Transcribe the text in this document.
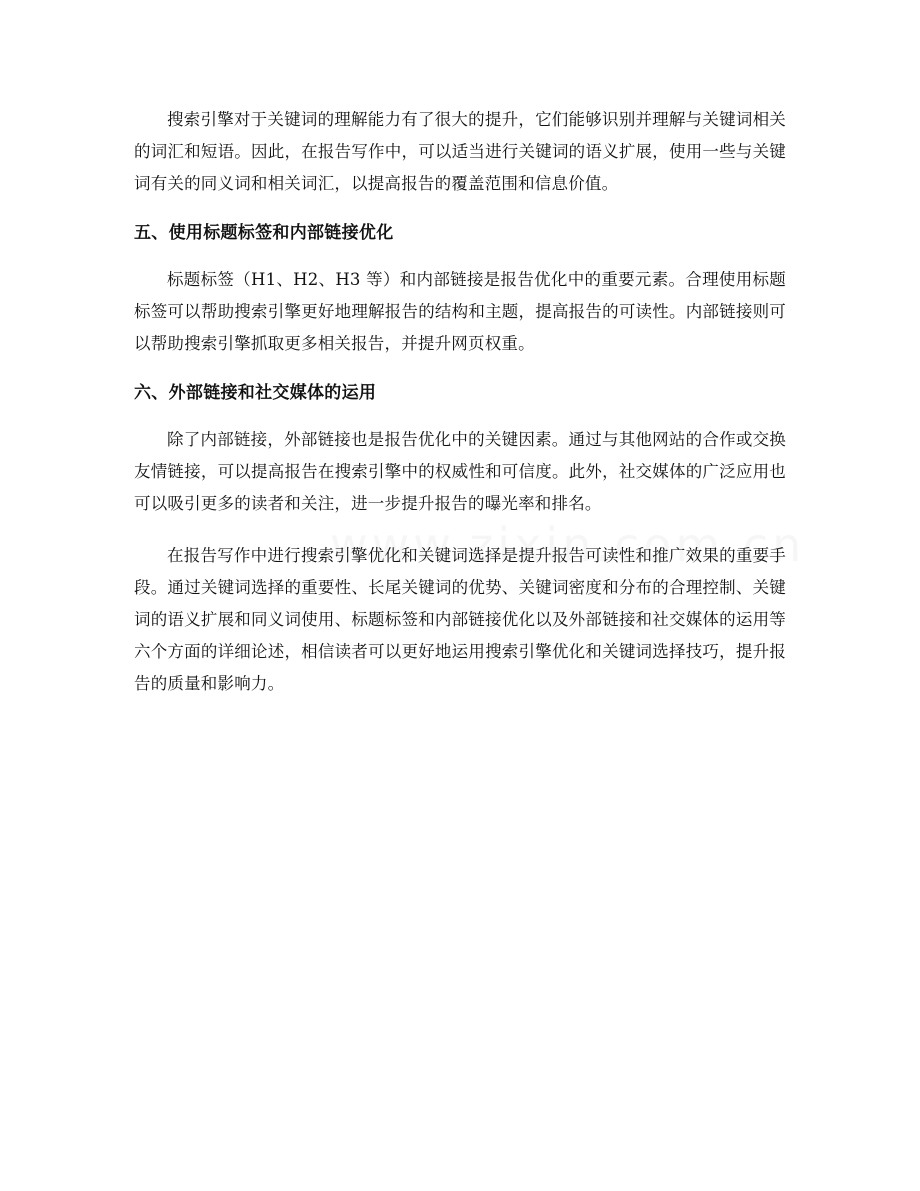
搜索引擎对于关键词的理解能力有了很大的提升，它们能够识别并理解与关键词相关的词汇和短语。因此，在报告写作中，可以适当进行关键词的语义扩展，使用一些与关键词有关的同义词和相关词汇，以提高报告的覆盖范围和信息价值。

五、使用标题标签和内部链接优化

标题标签（H1、H2、H3 等）和内部链接是报告优化中的重要元素。合理使用标题标签可以帮助搜索引擎更好地理解报告的结构和主题，提高报告的可读性。内部链接则可以帮助搜索引擎抓取更多相关报告，并提升网页权重。

六、外部链接和社交媒体的运用

除了内部链接，外部链接也是报告优化中的关键因素。通过与其他网站的合作或交换友情链接，可以提高报告在搜索引擎中的权威性和可信度。此外，社交媒体的广泛应用也可以吸引更多的读者和关注，进一步提升报告的曝光率和排名。

在报告写作中进行搜索引擎优化和关键词选择是提升报告可读性和推广效果的重要手段。通过关键词选择的重要性、长尾关键词的优势、关键词密度和分布的合理控制、关键词的语义扩展和同义词使用、标题标签和内部链接优化以及外部链接和社交媒体的运用等六个方面的详细论述，相信读者可以更好地运用搜索引擎优化和关键词选择技巧，提升报告的质量和影响力。
